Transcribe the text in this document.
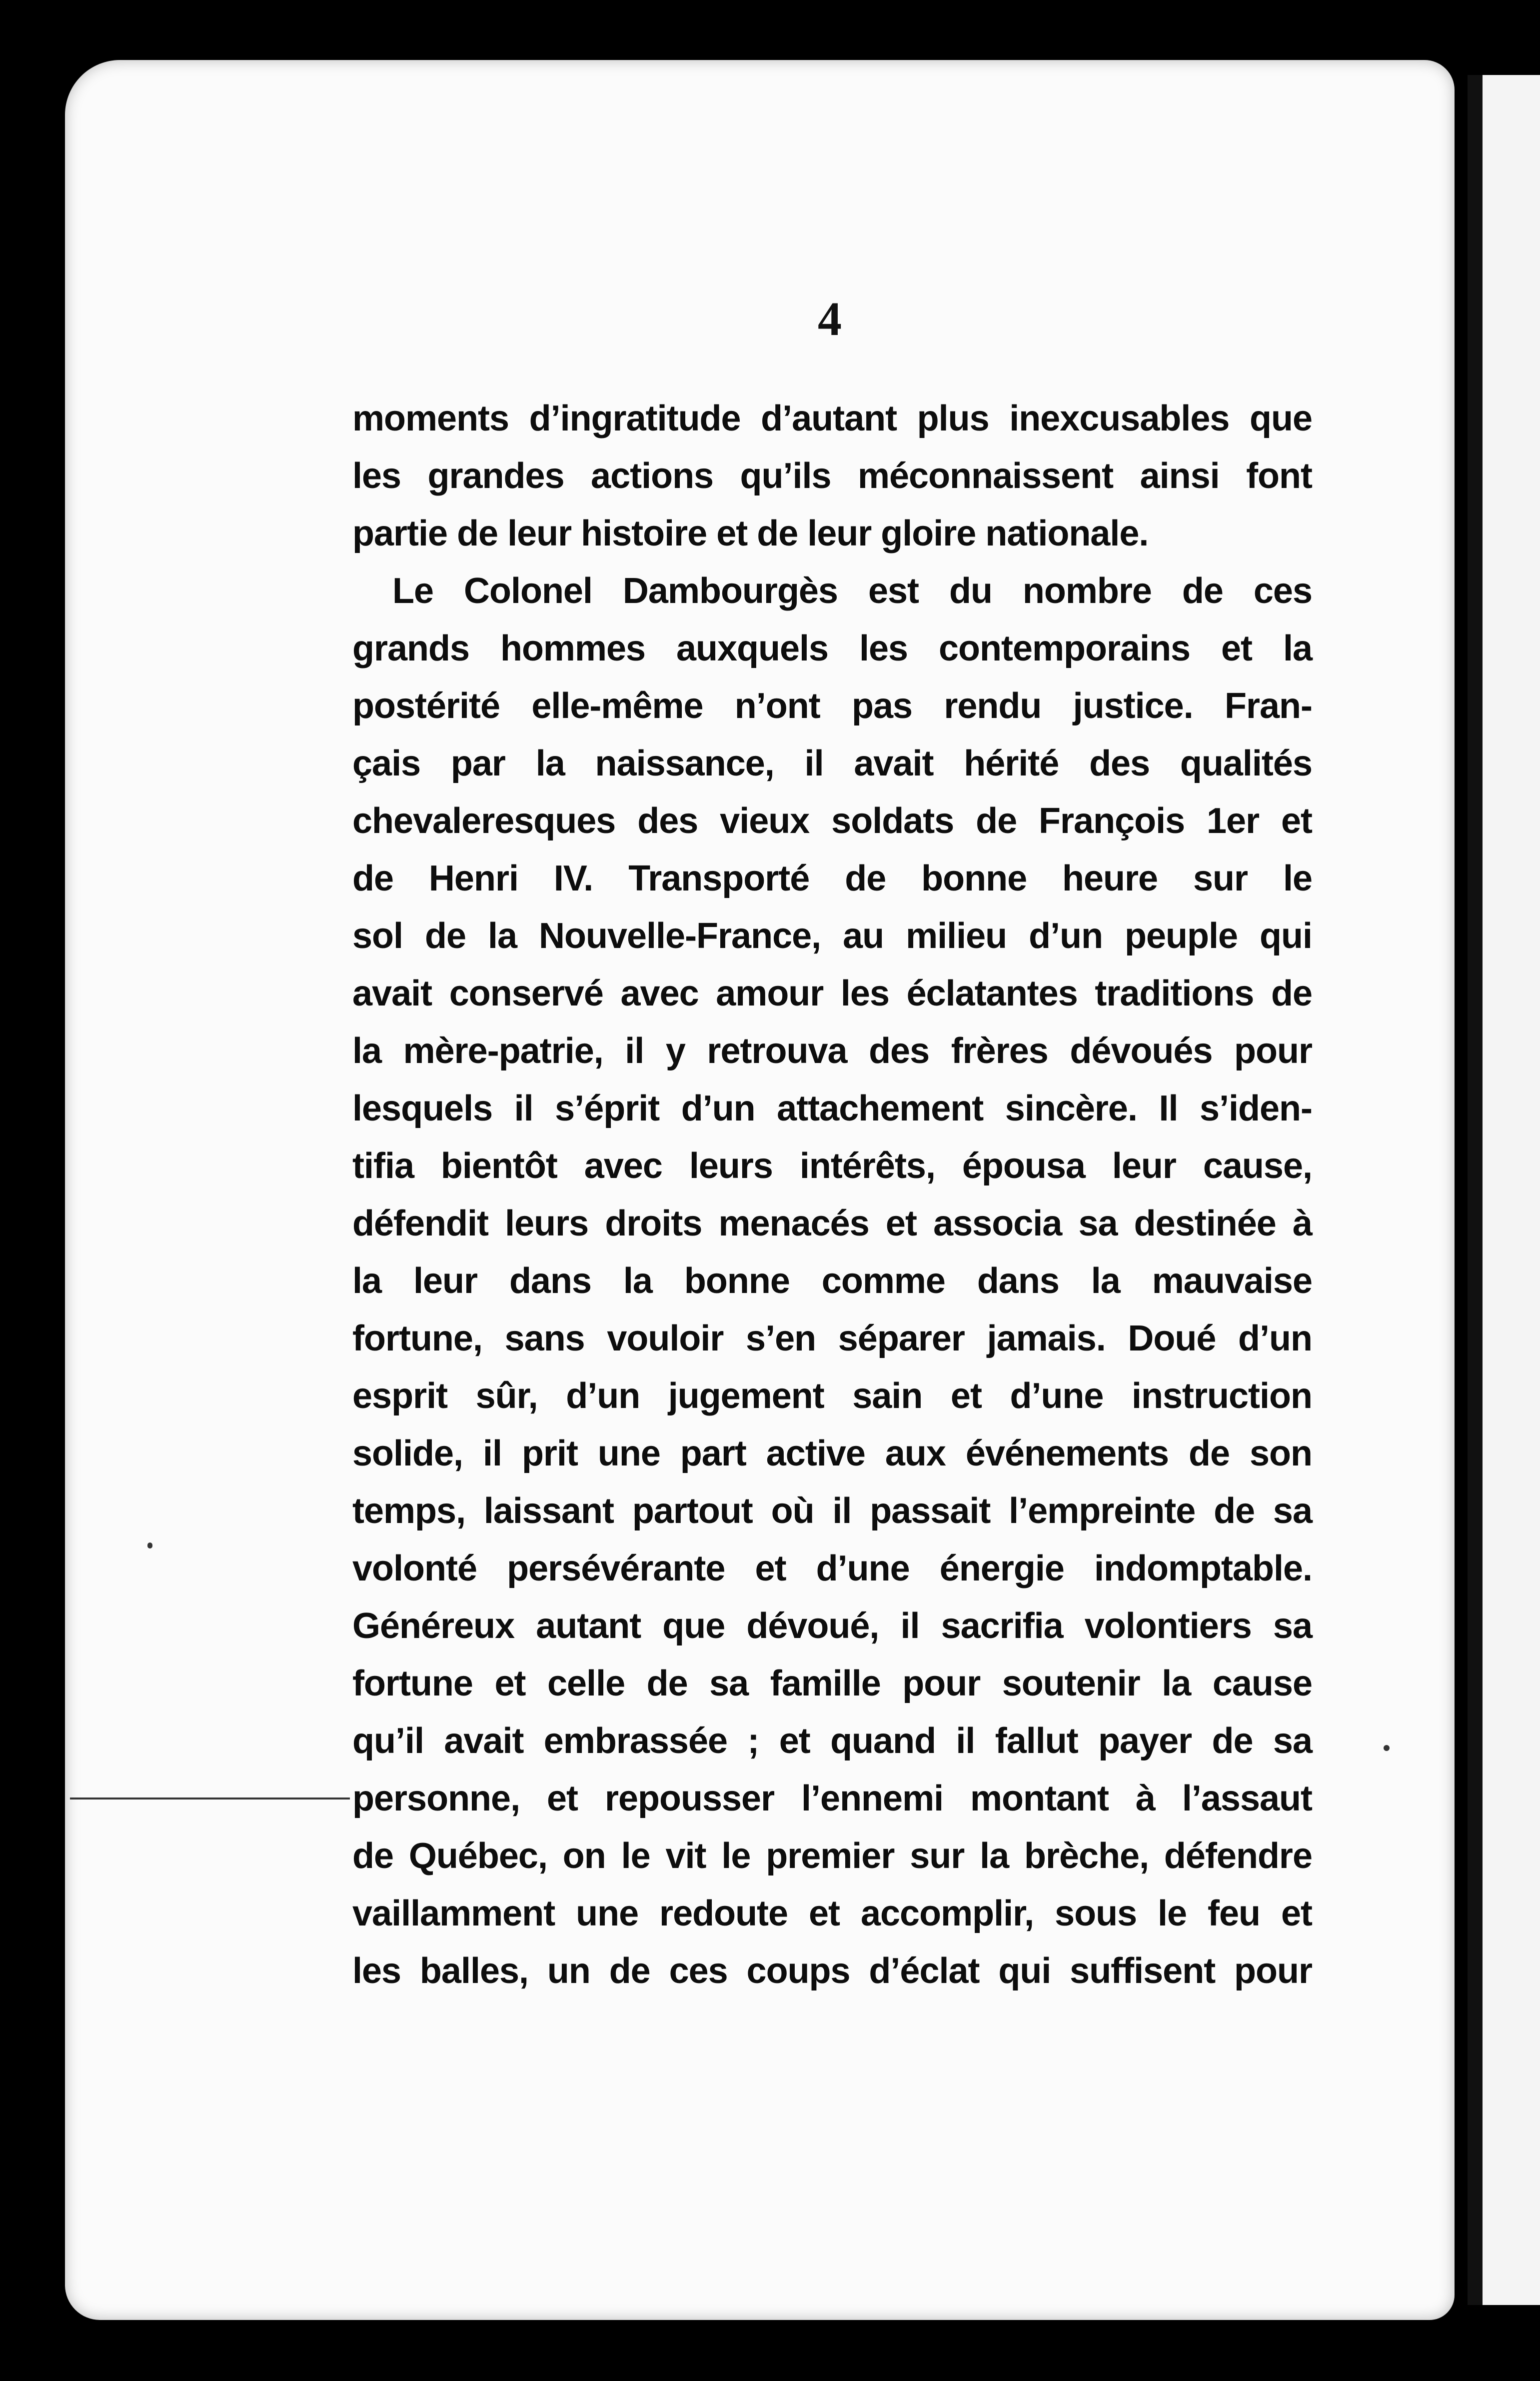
4
moments d’ingratitude d’autant plus inexcusables que
les grandes actions qu’ils méconnaissent ainsi font
partie de leur histoire et de leur gloire nationale.
Le Colonel Dambourgès est du nombre de ces
grands hommes auxquels les contemporains et la
postérité elle-même n’ont pas rendu justice. Fran-
çais par la naissance, il avait hérité des qualités
chevaleresques des vieux soldats de François 1er et
de Henri IV. Transporté de bonne heure sur le
sol de la Nouvelle-France, au milieu d’un peuple qui
avait conservé avec amour les éclatantes traditions de
la mère-patrie, il y retrouva des frères dévoués pour
lesquels il s’éprit d’un attachement sincère. Il s’iden-
tifia bientôt avec leurs intérêts, épousa leur cause,
défendit leurs droits menacés et associa sa destinée à
la leur dans la bonne comme dans la mauvaise
fortune, sans vouloir s’en séparer jamais. Doué d’un
esprit sûr, d’un jugement sain et d’une instruction
solide, il prit une part active aux événements de son
temps, laissant partout où il passait l’empreinte de sa
volonté persévérante et d’une énergie indomptable.
Généreux autant que dévoué, il sacrifia volontiers sa
fortune et celle de sa famille pour soutenir la cause
qu’il avait embrassée ; et quand il fallut payer de sa
personne, et repousser l’ennemi montant à l’assaut
de Québec, on le vit le premier sur la brèche, défendre
vaillamment une redoute et accomplir, sous le feu et
les balles, un de ces coups d’éclat qui suffisent pour
